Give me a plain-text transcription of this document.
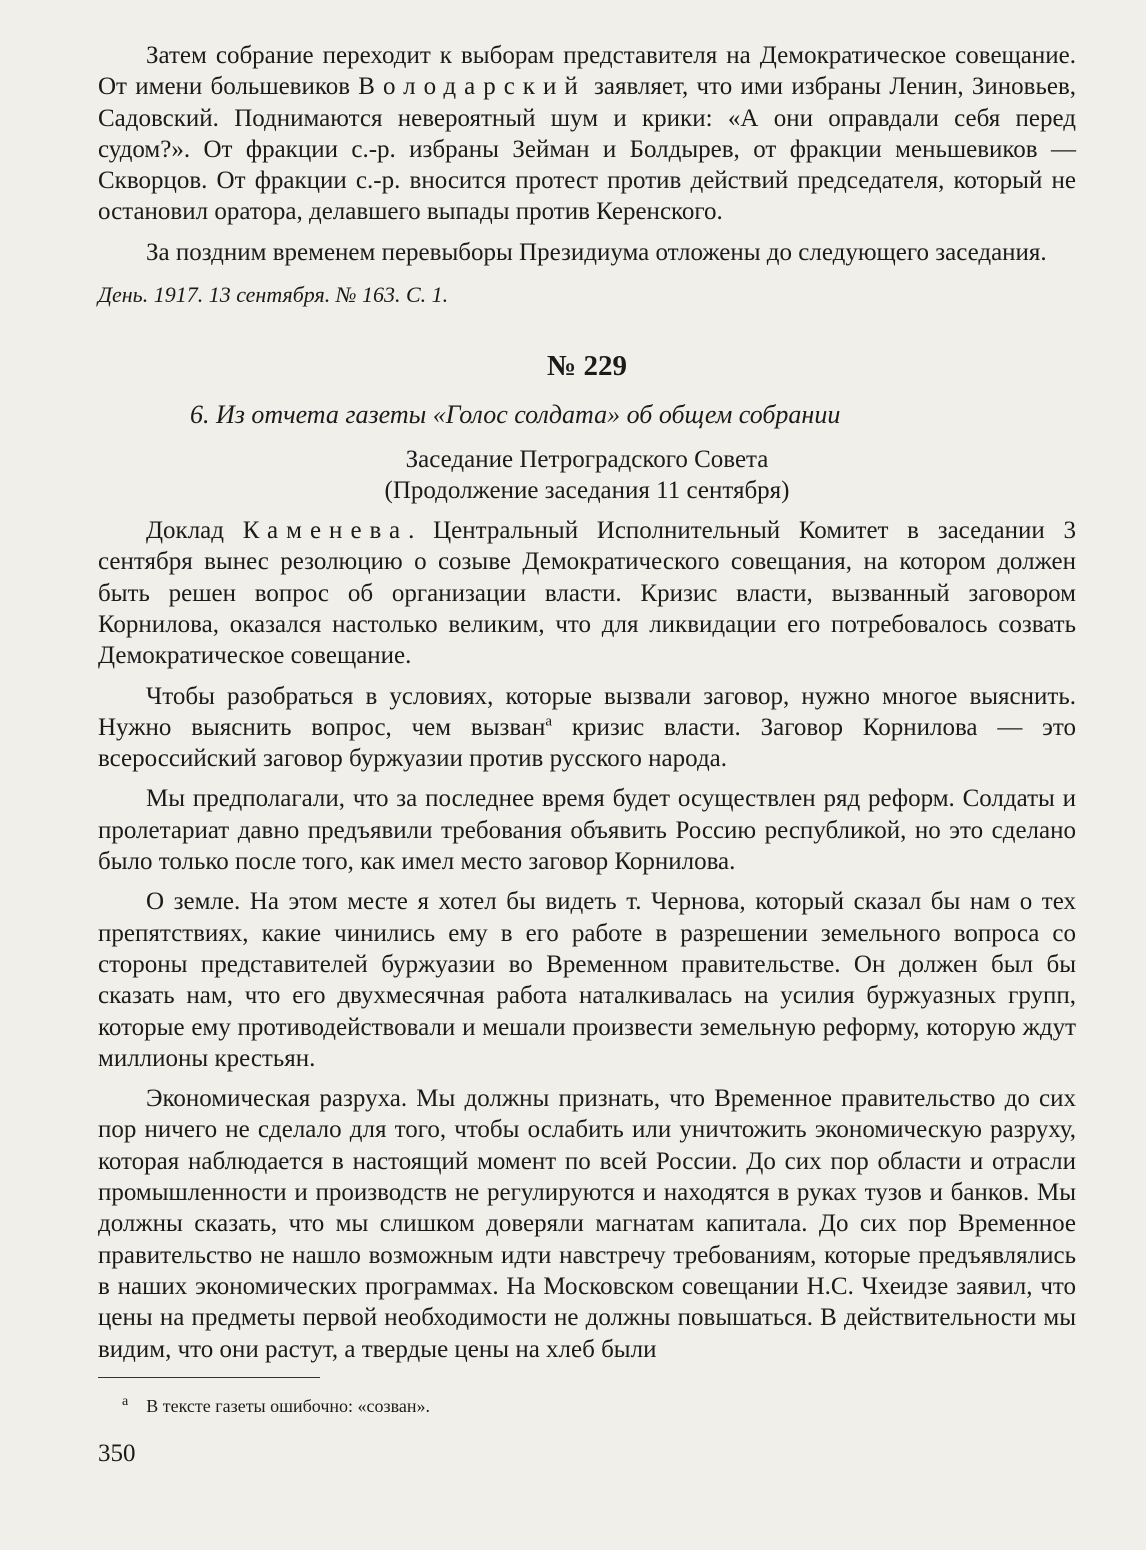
Затем собрание переходит к выборам представителя на Демократическое совещание. От имени большевиков Володарский заявляет, что ими избраны Ленин, Зиновьев, Садовский. Поднимаются невероятный шум и крики: «А они оправдали себя перед судом?». От фракции с.-р. избраны Зейман и Болдырев, от фракции меньшевиков — Скворцов. От фракции с.-р. вносится протест против действий председателя, который не остановил оратора, делавшего выпады против Керенского.

За поздним временем перевыборы Президиума отложены до следующего заседания.

День. 1917. 13 сентября. № 163. С. 1.
№ 229
6. Из отчета газеты «Голос солдата» об общем собрании
Заседание Петроградского Совета
(Продолжение заседания 11 сентября)

Доклад Каменева. Центральный Исполнительный Комитет в заседании 3 сентября вынес резолюцию о созыве Демократического совещания, на котором должен быть решен вопрос об организации власти. Кризис власти, вызванный заговором Корнилова, оказался настолько великим, что для ликвидации его потребовалось созвать Демократическое совещание.

Чтобы разобраться в условиях, которые вызвали заговор, нужно многое выяснить. Нужно выяснить вопрос, чем вызван$^а$ кризис власти. Заговор Корнилова — это всероссийский заговор буржуазии против русского народа.

Мы предполагали, что за последнее время будет осуществлен ряд реформ. Солдаты и пролетариат давно предъявили требования объявить Россию республикой, но это сделано было только после того, как имел место заговор Корнилова.

О земле. На этом месте я хотел бы видеть т. Чернова, который сказал бы нам о тех препятствиях, какие чинились ему в его работе в разрешении земельного вопроса со стороны представителей буржуазии во Временном правительстве. Он должен был бы сказать нам, что его двухмесячная работа наталкивалась на усилия буржуазных групп, которые ему противодействовали и мешали произвести земельную реформу, которую ждут миллионы крестьян.

Экономическая разруха. Мы должны признать, что Временное правительство до сих пор ничего не сделало для того, чтобы ослабить или уничтожить экономическую разруху, которая наблюдается в настоящий момент по всей России. До сих пор области и отрасли промышленности и производств не регулируются и находятся в руках тузов и банков. Мы должны сказать, что мы слишком доверяли магнатам капитала. До сих пор Временное правительство не нашло возможным идти навстречу требованиям, которые предъявлялись в наших экономических программах. На Московском совещании Н.С. Чхеидзе заявил, что цены на предметы первой необходимости не должны повышаться. В действительности мы видим, что они растут, а твердые цены на хлеб были

$^а$ В тексте газеты ошибочно: «созван».
350
